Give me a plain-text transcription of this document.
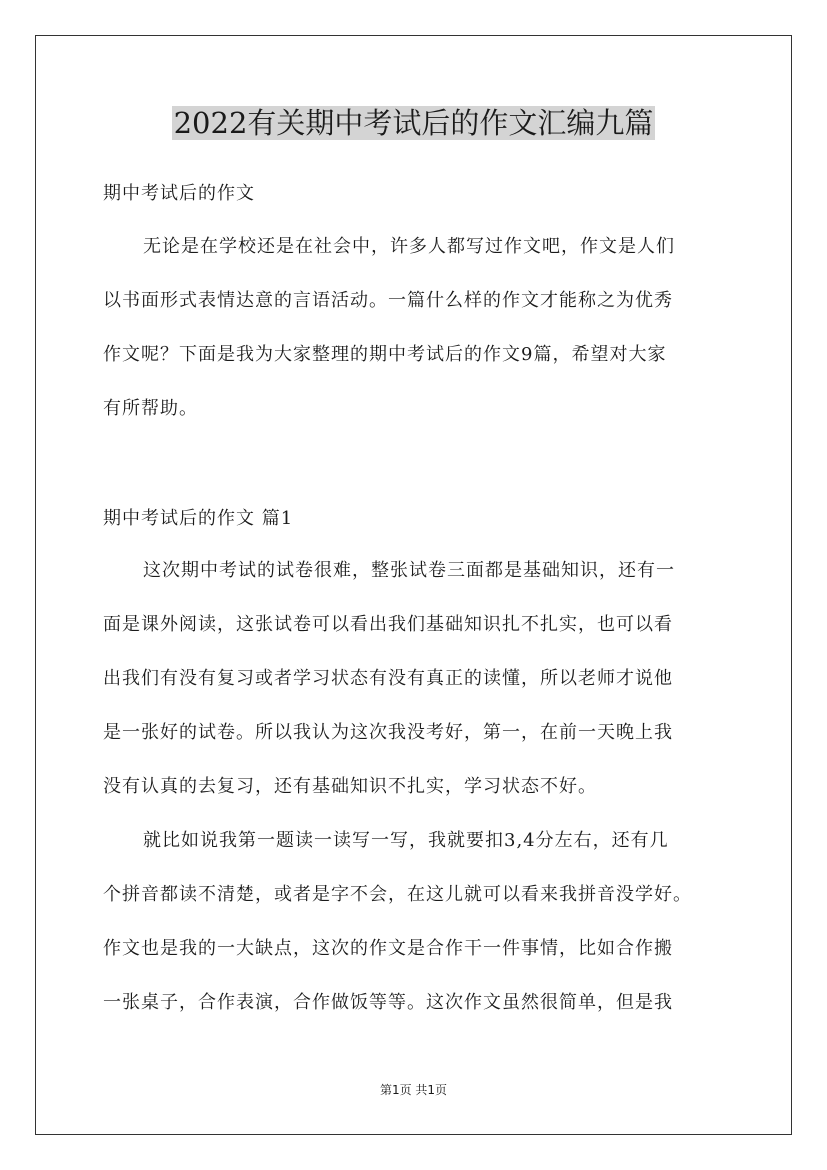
2022有关期中考试后的作文汇编九篇

期中考试后的作文

无论是在学校还是在社会中，许多人都写过作文吧，作文是人们

以书面形式表情达意的言语活动。一篇什么样的作文才能称之为优秀

作文呢？下面是我为大家整理的期中考试后的作文9篇，希望对大家

有所帮助。

期中考试后的作文 篇1

这次期中考试的试卷很难，整张试卷三面都是基础知识，还有一

面是课外阅读，这张试卷可以看出我们基础知识扎不扎实，也可以看

出我们有没有复习或者学习状态有没有真正的读懂，所以老师才说他

是一张好的试卷。所以我认为这次我没考好，第一，在前一天晚上我

没有认真的去复习，还有基础知识不扎实，学习状态不好。

就比如说我第一题读一读写一写，我就要扣3,4分左右，还有几

个拼音都读不清楚，或者是字不会，在这儿就可以看来我拼音没学好。

作文也是我的一大缺点，这次的作文是合作干一件事情，比如合作搬

一张桌子，合作表演，合作做饭等等。这次作文虽然很简单，但是我

第1页 共1页
